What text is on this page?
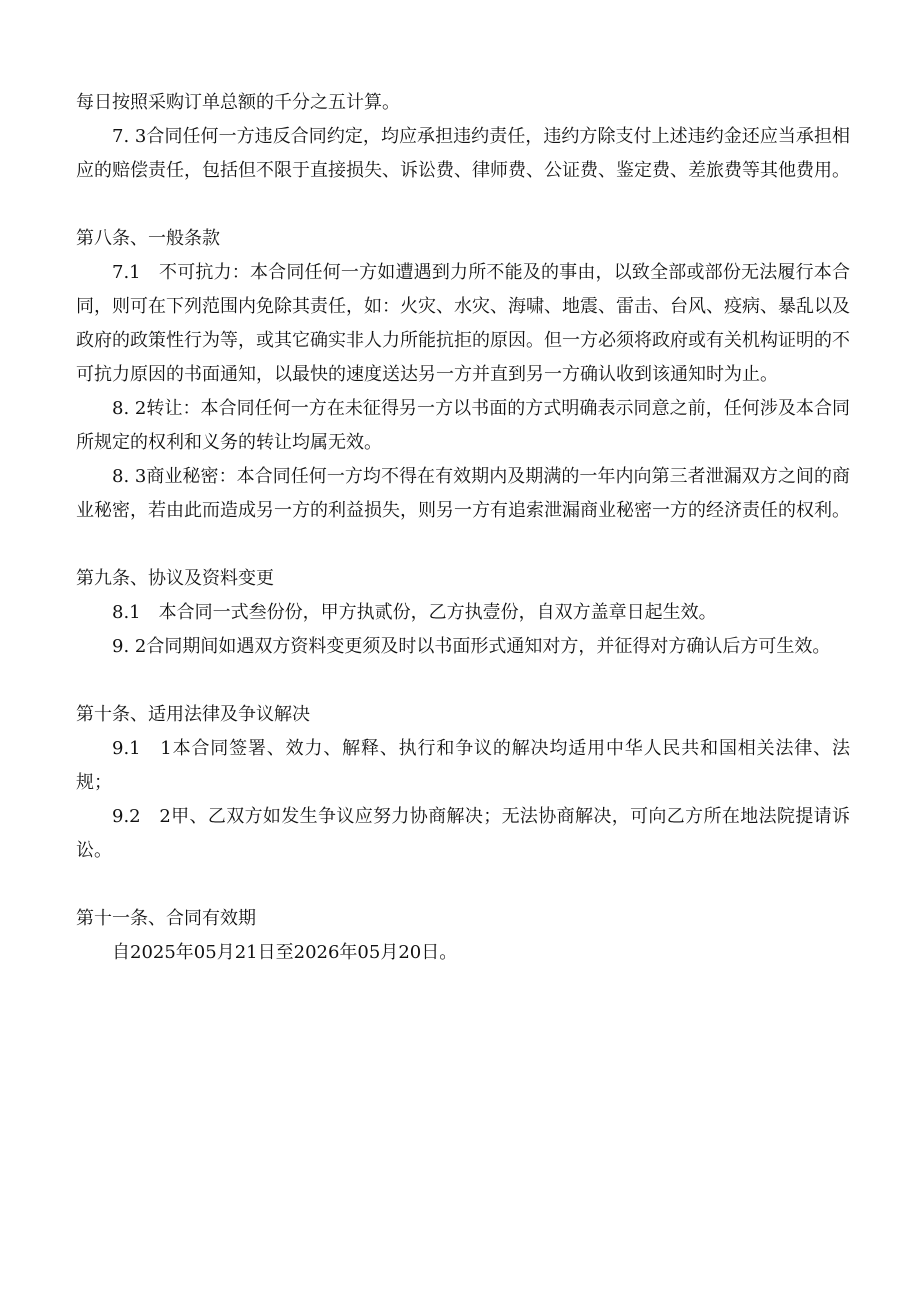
每日按照采购订单总额的千分之五计算。

7. 3合同任何一方违反合同约定，均应承担违约责任，违约方除支付上述违约金还应当承担相应的赔偿责任，包括但不限于直接损失、诉讼费、律师费、公证费、鉴定费、差旅费等其他费用。

第八条、一般条款

7.1　不可抗力：本合同任何一方如遭遇到力所不能及的事由，以致全部或部份无法履行本合同，则可在下列范围内免除其责任，如：火灾、水灾、海啸、地震、雷击、台风、疫病、暴乱以及政府的政策性行为等，或其它确实非人力所能抗拒的原因。但一方必须将政府或有关机构证明的不可抗力原因的书面通知，以最快的速度送达另一方并直到另一方确认收到该通知时为止。

8. 2转让：本合同任何一方在未征得另一方以书面的方式明确表示同意之前，任何涉及本合同所规定的权利和义务的转让均属无效。

8. 3商业秘密：本合同任何一方均不得在有效期内及期满的一年内向第三者泄漏双方之间的商业秘密，若由此而造成另一方的利益损失，则另一方有追索泄漏商业秘密一方的经济责任的权利。

第九条、协议及资料变更

8.1　本合同一式叁份份，甲方执贰份，乙方执壹份，自双方盖章日起生效。

9. 2合同期间如遇双方资料变更须及时以书面形式通知对方，并征得对方确认后方可生效。

第十条、适用法律及争议解决

9.1　1本合同签署、效力、解释、执行和争议的解决均适用中华人民共和国相关法律、法规；

9.2　2甲、乙双方如发生争议应努力协商解决；无法协商解决，可向乙方所在地法院提请诉讼。

第十一条、合同有效期

自2025年05月21日至2026年05月20日。
